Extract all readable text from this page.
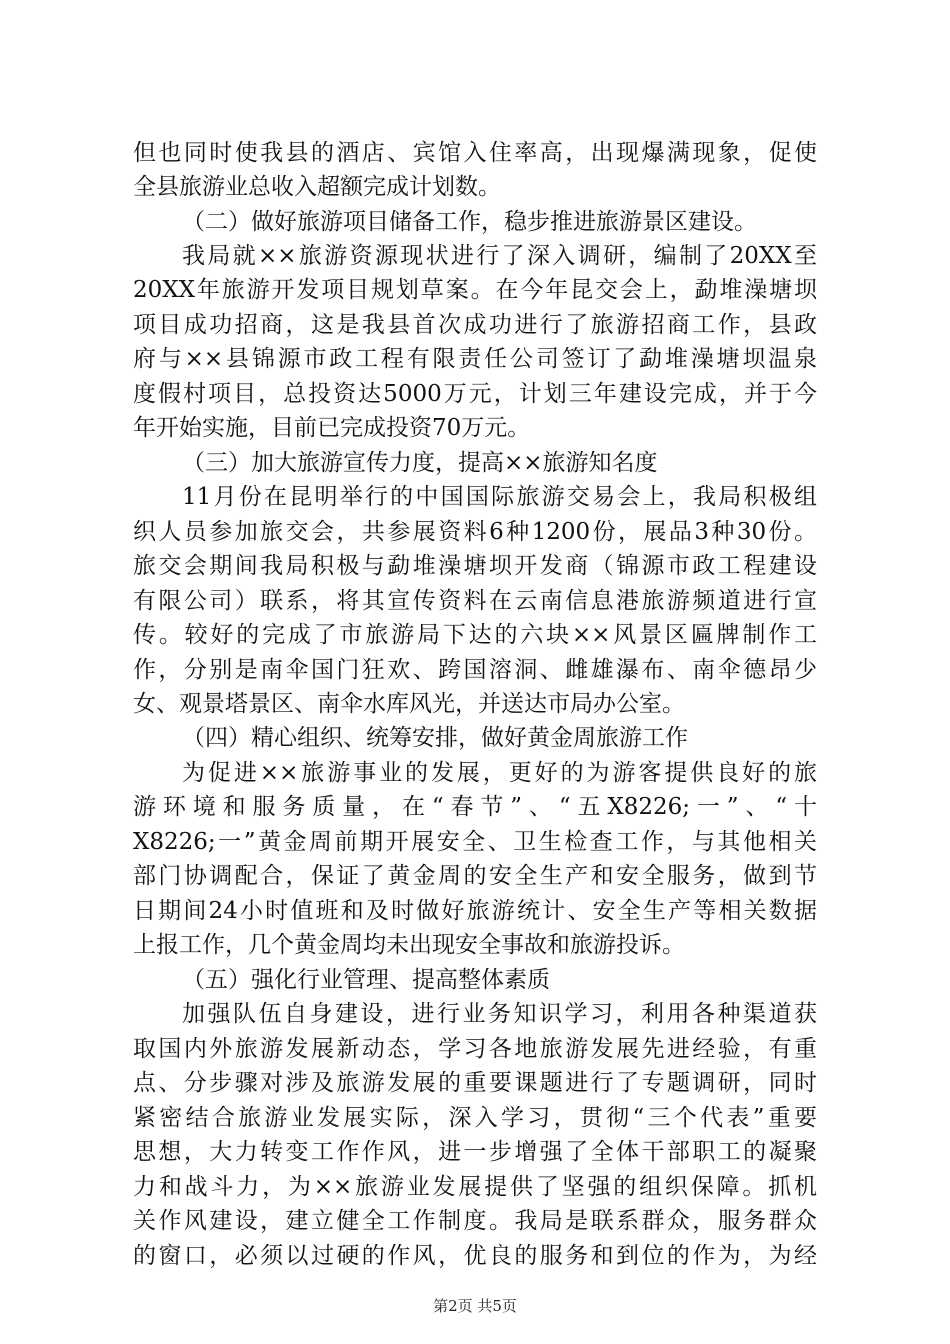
但也同时使我县的酒店、宾馆入住率高，出现爆满现象，促使
全县旅游业总收入超额完成计划数。
（二）做好旅游项目储备工作，稳步推进旅游景区建设。
我局就××旅游资源现状进行了深入调研，编制了20XX至
20XX年旅游开发项目规划草案。在今年昆交会上，勐堆澡塘坝
项目成功招商，这是我县首次成功进行了旅游招商工作，县政
府与××县锦源市政工程有限责任公司签订了勐堆澡塘坝温泉
度假村项目，总投资达5000万元，计划三年建设完成，并于今
年开始实施，目前已完成投资70万元。
（三）加大旅游宣传力度，提高××旅游知名度
11月份在昆明举行的中国国际旅游交易会上，我局积极组
织人员参加旅交会，共参展资料6种1200份，展品3种30份。
旅交会期间我局积极与勐堆澡塘坝开发商（锦源市政工程建设
有限公司）联系，将其宣传资料在云南信息港旅游频道进行宣
传。较好的完成了市旅游局下达的六块××风景区匾牌制作工
作，分别是南伞国门狂欢、跨国溶洞、雌雄瀑布、南伞德昂少
女、观景塔景区、南伞水库风光，并送达市局办公室。
（四）精心组织、统筹安排，做好黄金周旅游工作
为促进××旅游事业的发展，更好的为游客提供良好的旅
游环境和服务质量，在“春节”、“五X8226;一”、“十
X8226;一”黄金周前期开展安全、卫生检查工作，与其他相关
部门协调配合，保证了黄金周的安全生产和安全服务，做到节
日期间24小时值班和及时做好旅游统计、安全生产等相关数据
上报工作，几个黄金周均未出现安全事故和旅游投诉。
（五）强化行业管理、提高整体素质
加强队伍自身建设，进行业务知识学习，利用各种渠道获
取国内外旅游发展新动态，学习各地旅游发展先进经验，有重
点、分步骤对涉及旅游发展的重要课题进行了专题调研，同时
紧密结合旅游业发展实际，深入学习，贯彻“三个代表”重要
思想，大力转变工作作风，进一步增强了全体干部职工的凝聚
力和战斗力，为××旅游业发展提供了坚强的组织保障。抓机
关作风建设，建立健全工作制度。我局是联系群众，服务群众
第2页 共5页
的窗口，必须以过硬的作风，优良的服务和到位的作为，为经
